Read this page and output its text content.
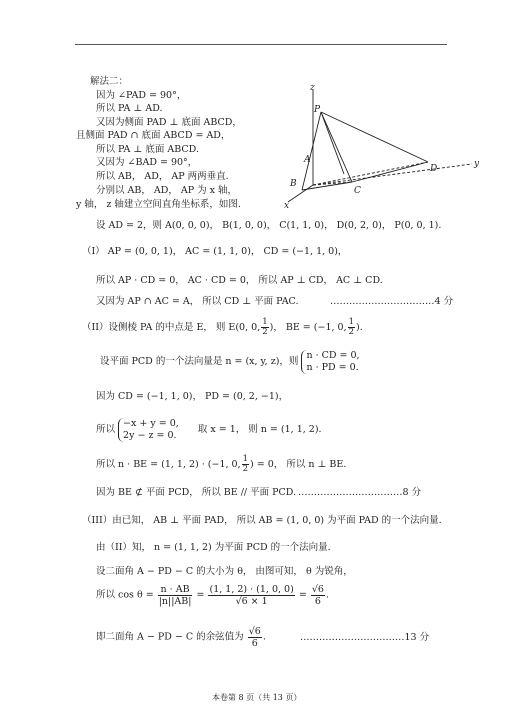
z
P
A
B
C
D
x
y
解法二：
因为 ∠PAD = 90°，
所以 PA ⊥ AD.
又因为侧面 PAD ⊥ 底面 ABCD，
且侧面 PAD ∩ 底面 ABCD = AD，
所以 PA ⊥ 底面 ABCD.
又因为 ∠BAD = 90°，
所以 AB， AD， AP 两两垂直.
分别以 AB， AD， AP 为 x 轴，
y 轴， z 轴建立空间直角坐标系，如图.
设 AD = 2，则 A(0, 0, 0)， B(1, 0, 0)， C(1, 1, 0)， D(0, 2, 0)， P(0, 0, 1).
（I） AP = (0, 0, 1)， AC = (1, 1, 0)， CD = (−1, 1, 0)，
所以 AP · CD = 0， AC · CD = 0， 所以 AP ⊥ CD， AC ⊥ CD.
又因为 AP ∩ AC = A， 所以 CD ⊥ 平面 PAC.	……………………………4 分
（II）设侧棱 PA 的中点是 E， 则 E(0, 0, $\frac{1}{2}$ )， BE = (−1, 0, $\frac{1}{2}$ ).
设平面 PCD 的一个法向量是 n = (x, y, z)，则
n · CD = 0,
n · PD = 0.
因为 CD = (−1, 1, 0)， PD = (0, 2, −1)，
所以
−x + y = 0,
2y − z = 0.
取 x = 1， 则 n = (1, 1, 2).
所以 n · BE = (1, 1, 2) · (−1, 0, $\frac{1}{2}$ ) = 0， 所以 n ⊥ BE.
因为 BE ⊄ 平面 PCD， 所以 BE // 平面 PCD. ……………………………8 分
（III）由已知， AB ⊥ 平面 PAD， 所以 AB = (1, 0, 0) 为平面 PAD 的一个法向量.
由（II）知， n = (1, 1, 2) 为平面 PCD 的一个法向量.
设二面角 A − PD − C 的大小为 θ， 由图可知， θ 为锐角，
所以 $\cos \theta = \frac{n \cdot AB}{|n||AB|} = \frac{(1, 1, 2) \cdot (1, 0, 0)}{√6 \times 1} = \frac{√6}{6}$ .
即二面角 A − PD − C 的余弦值为 $\frac{√6}{6}$ .	……………………………13 分
本卷第 8 页（共 13 页）
